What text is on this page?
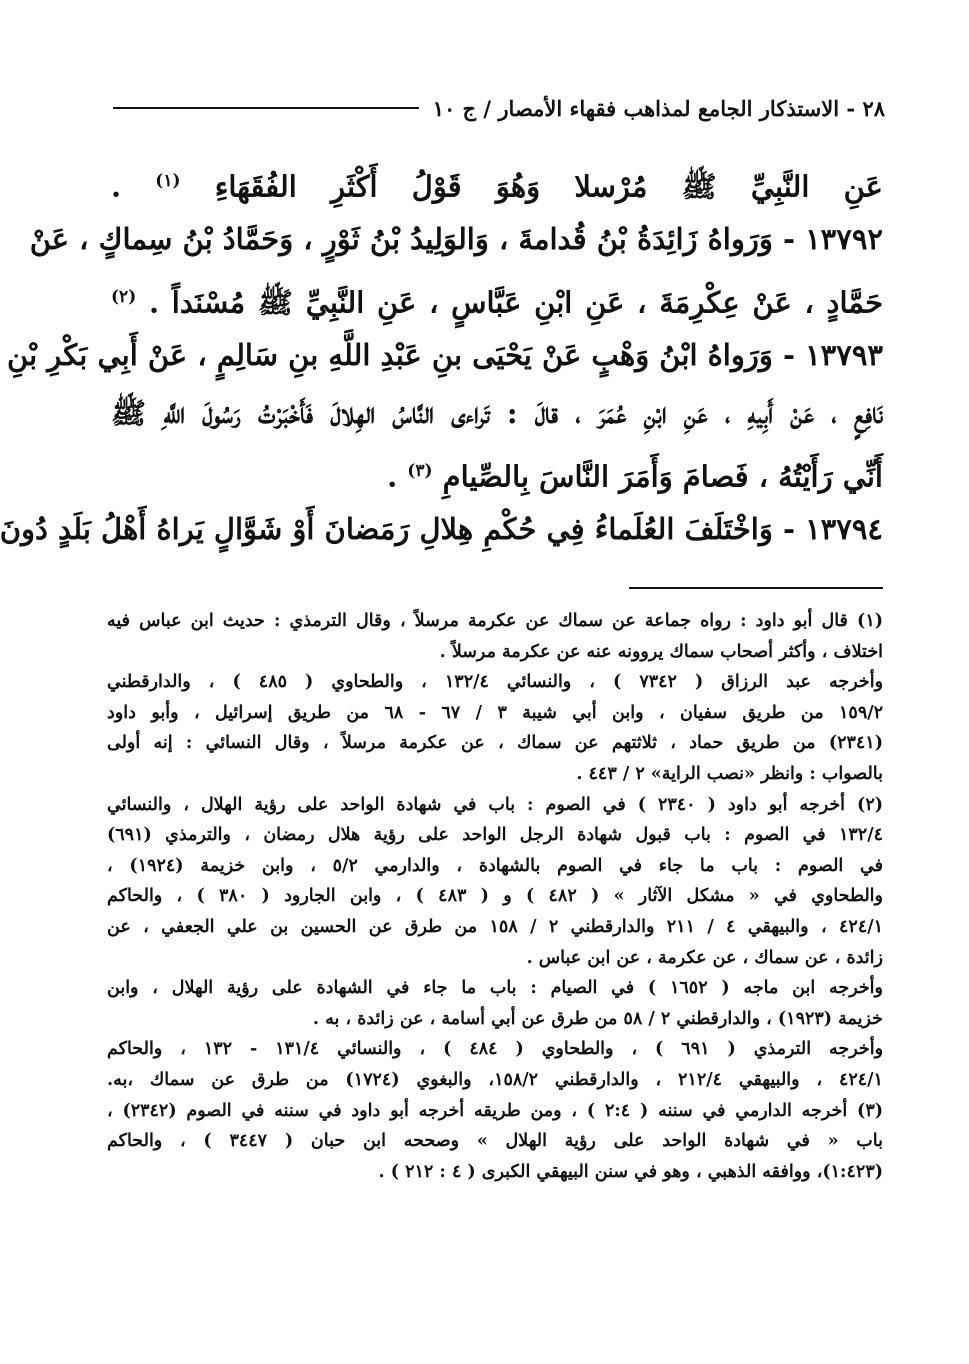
٢٨ - الاستذكار الجامع لمذاهب فقهاء الأمصار / ج ١٠
عَنِ النَّبِيِّ ﷺ مُرْسلا وَهُوَ قَوْلُ أَكْثَرِ الفُقَهَاءِ $^{(١)}$ .
١٣٧٩٢ - وَرَواهُ زَائِدَةُ بْنُ قُدامةَ ، وَالوَلِيدُ بْنُ ثَوْرٍ ، وَحَمَّادُ بْنُ سِماكٍ ، عَنْ
حَمَّادٍ ، عَنْ عِكْرِمَةَ ، عَنِ ابْنِ عَبَّاسٍ ، عَنِ النَّبِيِّ ﷺ مُسْنَداً . $^{(٢)}$
١٣٧٩٣ - وَرَواهُ ابْنُ وَهْبٍ عَنْ يَحْيَى بنِ عَبْدِ اللَّهِ بنِ سَالِمٍ ، عَنْ أَبِي بَكْرِ بْنِ
نَافِعٍ ، عَنْ أَبِيهِ ، عَنِ ابْنِ عُمَرَ ، قالَ : تَراءى النَّاسُ الهِلالَ فَأَخْبَرْتُ رَسُولَ اللَّهِ ﷺ
أَنِّي رَأَيْتُهُ ، فَصامَ وَأَمَرَ النَّاسَ بِالصِّيامِ $^{(٣)}$ .
١٣٧٩٤ - وَاخْتَلَفَ العُلَماءُ فِي حُكْمِ هِلالِ رَمَضانَ أَوْ شَوَّالٍ يَراهُ أَهْلُ بَلَدٍ دُونَ
(١) قال أبو داود : رواه جماعة عن سماك عن عكرمة مرسلاً ، وقال الترمذي : حديث ابن عباس فيه
اختلاف ، وأكثر أصحاب سماك يروونه عنه عن عكرمة مرسلاً .
وأخرجه عبد الرزاق ( ٧٣٤٢ ) ، والنسائي ١٣٢/٤ ، والطحاوي ( ٤٨٥ ) ، والدارقطني
١٥٩/٢ من طريق سفيان ، وابن أبي شيبة ٣ / ٦٧ - ٦٨ من طريق إسرائيل ، وأبو داود
(٢٣٤١) من طريق حماد ، ثلاثتهم عن سماك ، عن عكرمة مرسلاً ، وقال النسائي : إنه أولى
بالصواب : وانظر «نصب الراية» ٢ / ٤٤٣ .
(٢) أخرجه أبو داود ( ٢٣٤٠ ) في الصوم : باب في شهادة الواحد على رؤية الهلال ، والنسائي
١٣٢/٤ في الصوم : باب قبول شهادة الرجل الواحد على رؤية هلال رمضان ، والترمذي (٦٩١)
في الصوم : باب ما جاء في الصوم بالشهادة ، والدارمي ٥/٢ ، وابن خزيمة (١٩٢٤) ،
والطحاوي في « مشكل الآثار » ( ٤٨٢ ) و ( ٤٨٣ ) ، وابن الجارود ( ٣٨٠ ) ، والحاكم
٤٢٤/١ ، والبيهقي ٤ / ٢١١ والدارقطني ٢ / ١٥٨ من طرق عن الحسين بن علي الجعفي ، عن
زائدة ، عن سماك ، عن عكرمة ، عن ابن عباس .
وأخرجه ابن ماجه ( ١٦٥٢ ) في الصيام : باب ما جاء في الشهادة على رؤية الهلال ، وابن
خزيمة (١٩٢٣) ، والدارقطني ٢ / ٥٨ من طرق عن أبي أسامة ، عن زائدة ، به .
وأخرجه الترمذي ( ٦٩١ ) ، والطحاوي ( ٤٨٤ ) ، والنسائي ١٣١/٤ - ١٣٢ ، والحاكم
٤٢٤/١ ، والبيهقي ٢١٢/٤ ، والدارقطني ١٥٨/٢، والبغوي (١٧٢٤) من طرق عن سماك ،به.
(٣) أخرجه الدارمي في سننه ( ٢:٤ ) ، ومن طريقه أخرجه أبو داود في سننه في الصوم (٢٣٤٢) ،
باب « في شهادة الواحد على رؤية الهلال » وصححه ابن حبان ( ٣٤٤٧ ) ، والحاكم
(١:٤٢٣)، ووافقه الذهبي ، وهو في سنن البيهقي الكبرى ( ٤ : ٢١٢ ) .
